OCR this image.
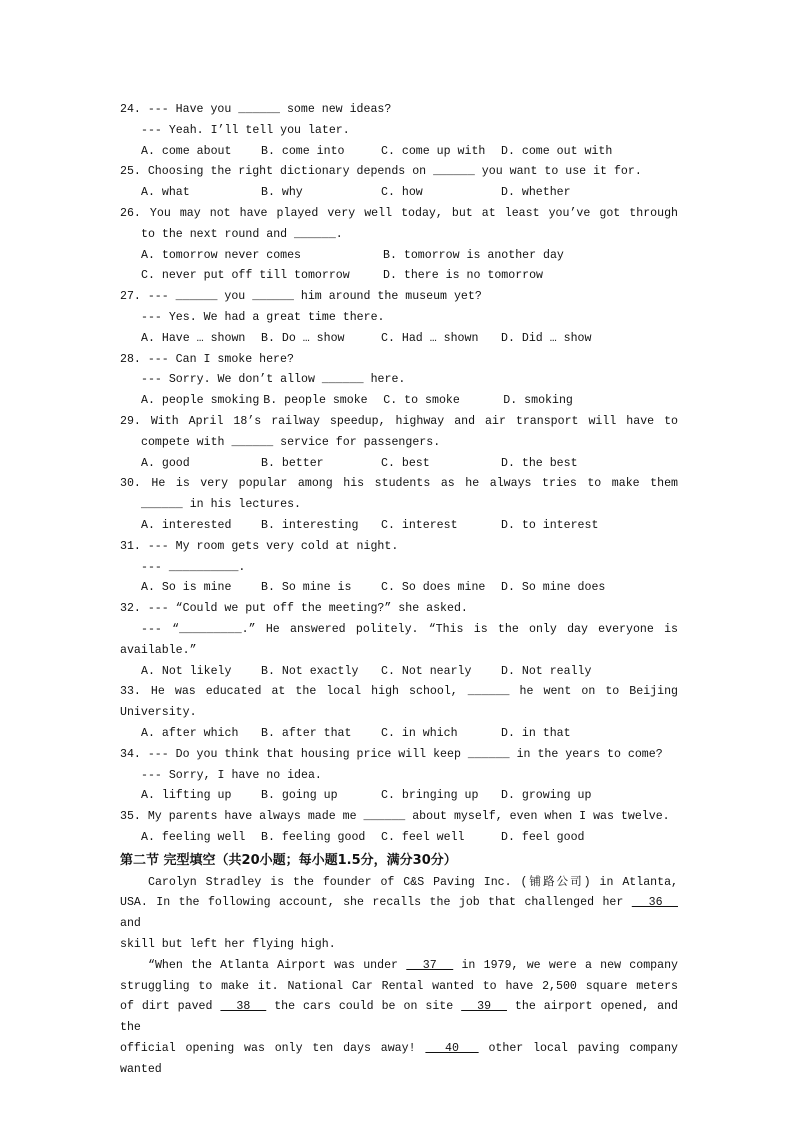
24. --- Have you ______ some new ideas?
--- Yeah. I’ll tell you later.
A. come about	B. come into	C. come up with	D. come out with
25. Choosing the right dictionary depends on ______ you want to use it for.
A. what	B. why	C. how	D. whether
26. You may not have played very well today, but at least you’ve got through
to the next round and ______.
A. tomorrow never comes	B. tomorrow is another day
C. never put off till tomorrow	D. there is no tomorrow
27. --- ______ you ______ him around the museum yet?
--- Yes. We had a great time there.
A. Have … shown	B. Do … show	C. Had … shown	D. Did … show
28. --- Can I smoke here?
--- Sorry. We don’t allow ______ here.
A. people smoking B. people smoke	C. to smoke	D. smoking
29. With April 18’s railway speedup, highway and air transport will have to
compete with ______ service for passengers.
A. good	B. better	C. best	D. the best
30. He is very popular among his students as he always tries to make them
______ in his lectures.
A. interested	B. interesting	C. interest	D. to interest
31. --- My room gets very cold at night.
--- __________.
A. So is mine	B. So mine is	C. So does mine	D. So mine does
32. --- “Could we put off the meeting?” she asked.
--- “_________.” He answered politely. “This is the only day everyone is
available.”
A. Not likely	B. Not exactly	C. Not nearly	D. Not really
33. He was educated at the local high school, ______ he went on to Beijing
University.
A. after which	B. after that	C. in which	D. in that
34. --- Do you think that housing price will keep ______ in the years to come?
--- Sorry, I have no idea.
A. lifting up	B. going up	C. bringing up	D. growing up
35. My parents have always made me ______ about myself, even when I was twelve.
A. feeling well	B. feeling good	C. feel well	D. feel good
第二节 完型填空（共20小题；每小题1.5分，满分30分）
Carolyn Stradley is the founder of C&S Paving Inc. (铺路公司) in Atlanta,
USA. In the following account, she recalls the job that challenged her   36   and
skill but left her flying high.
“When the Atlanta Airport was under   37   in 1979, we were a new company
struggling to make it. National Car Rental wanted to have 2,500 square meters
of dirt paved   38   the cars could be on site   39   the airport opened, and the
official opening was only ten days away!   40   other local paving company wanted
